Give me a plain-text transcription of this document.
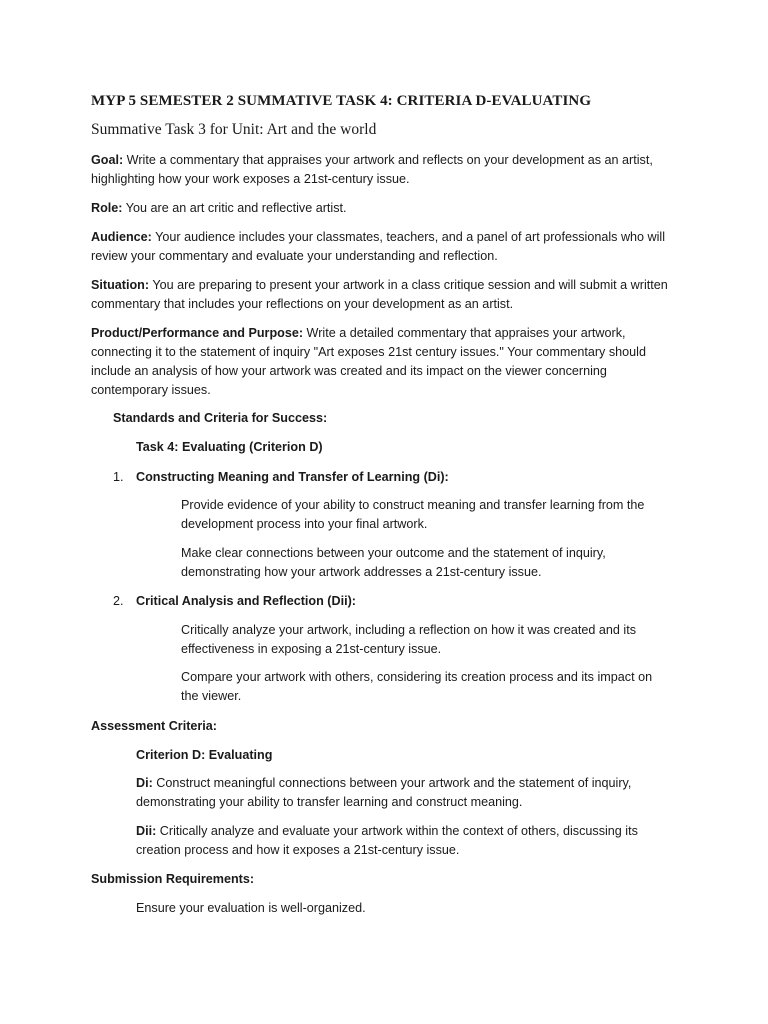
MYP 5 SEMESTER 2 SUMMATIVE TASK 4: CRITERIA D-EVALUATING
Summative Task 3 for Unit: Art and the world
Goal: Write a commentary that appraises your artwork and reflects on your development as an artist,
highlighting how your work exposes a 21st-century issue.
Role: You are an art critic and reflective artist.
Audience: Your audience includes your classmates, teachers, and a panel of art professionals who will
review your commentary and evaluate your understanding and reflection.
Situation: You are preparing to present your artwork in a class critique session and will submit a written
commentary that includes your reflections on your development as an artist.
Product/Performance and Purpose: Write a detailed commentary that appraises your artwork,
connecting it to the statement of inquiry "Art exposes 21st century issues." Your commentary should
include an analysis of how your artwork was created and its impact on the viewer concerning
contemporary issues.
Standards and Criteria for Success:
Task 4: Evaluating (Criterion D)
1. Constructing Meaning and Transfer of Learning (Di):
Provide evidence of your ability to construct meaning and transfer learning from the
development process into your final artwork.
Make clear connections between your outcome and the statement of inquiry,
demonstrating how your artwork addresses a 21st-century issue.
2. Critical Analysis and Reflection (Dii):
Critically analyze your artwork, including a reflection on how it was created and its
effectiveness in exposing a 21st-century issue.
Compare your artwork with others, considering its creation process and its impact on
the viewer.
Assessment Criteria:
Criterion D: Evaluating
Di: Construct meaningful connections between your artwork and the statement of inquiry,
demonstrating your ability to transfer learning and construct meaning.
Dii: Critically analyze and evaluate your artwork within the context of others, discussing its
creation process and how it exposes a 21st-century issue.
Submission Requirements:
Ensure your evaluation is well-organized.
